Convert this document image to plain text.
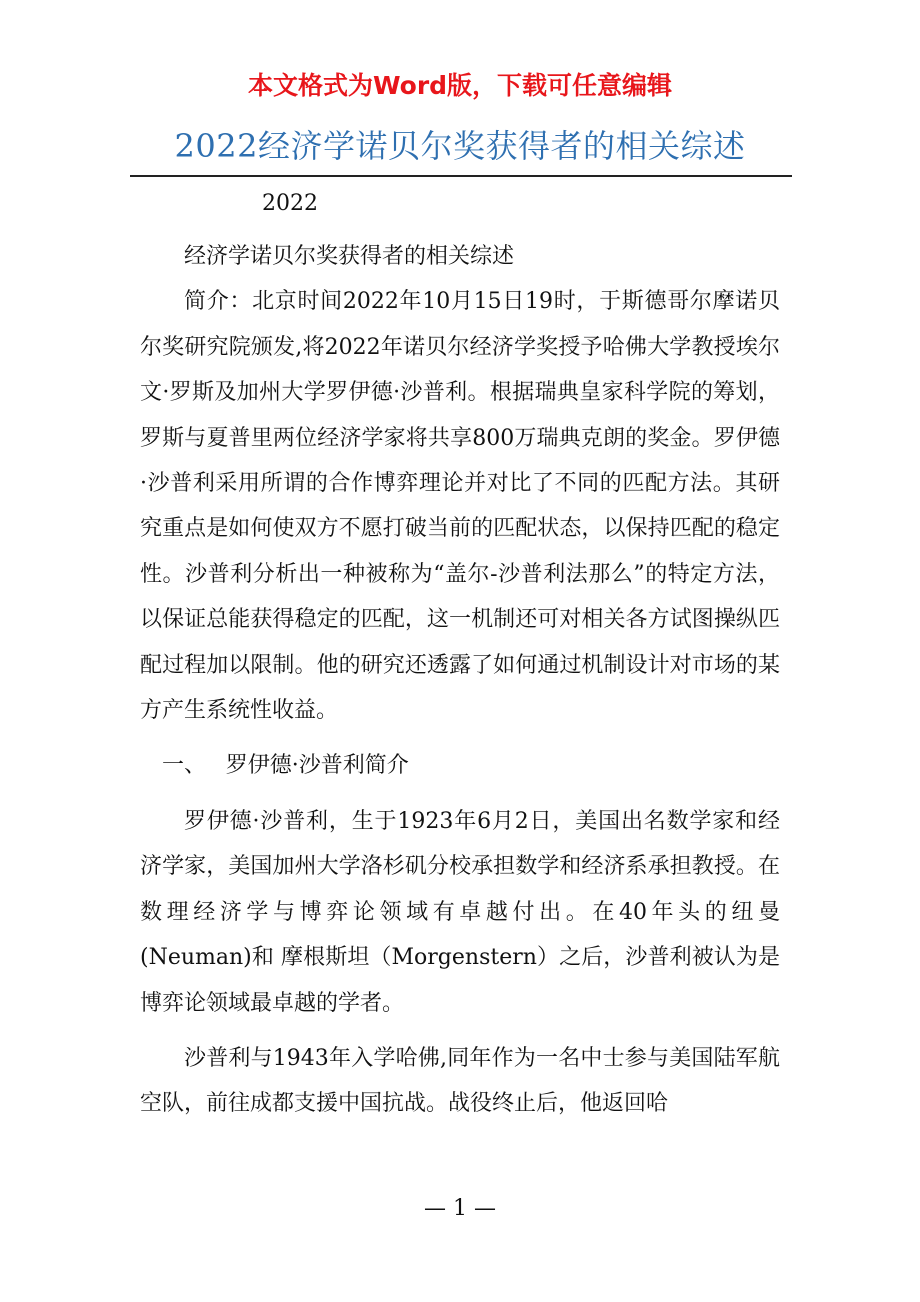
本文格式为Word版，下载可任意编辑
2022经济学诺贝尔奖获得者的相关综述

2022

经济学诺贝尔奖获得者的相关综述

简介：北京时间2022年10月15日19时，于斯德哥尔摩诺贝尔奖研究院颁发,将2022年诺贝尔经济学奖授予哈佛大学教授埃尔文·罗斯及加州大学罗伊德·沙普利。根据瑞典皇家科学院的筹划，罗斯与夏普里两位经济学家将共享800万瑞典克朗的奖金。罗伊德·沙普利采用所谓的合作博弈理论并对比了不同的匹配方法。其研究重点是如何使双方不愿打破当前的匹配状态，以保持匹配的稳定性。沙普利分析出一种被称为“盖尔-沙普利法那么”的特定方法，以保证总能获得稳定的匹配，这一机制还可对相关各方试图操纵匹配过程加以限制。他的研究还透露了如何通过机制设计对市场的某方产生系统性收益。

一、 罗伊德·沙普利简介

罗伊德·沙普利，生于1923年6月2日，美国出名数学家和经济学家，美国加州大学洛杉矶分校承担数学和经济系承担教授。在数理经济学与博弈论领域有卓越付出。在40年头的纽曼(Neuman)和 摩根斯坦（Morgenstern）之后，沙普利被认为是博弈论领域最卓越的学者。

沙普利与1943年入学哈佛,同年作为一名中士参与美国陆军航空队，前往成都支援中国抗战。战役终止后，他返回哈

— 1 —
